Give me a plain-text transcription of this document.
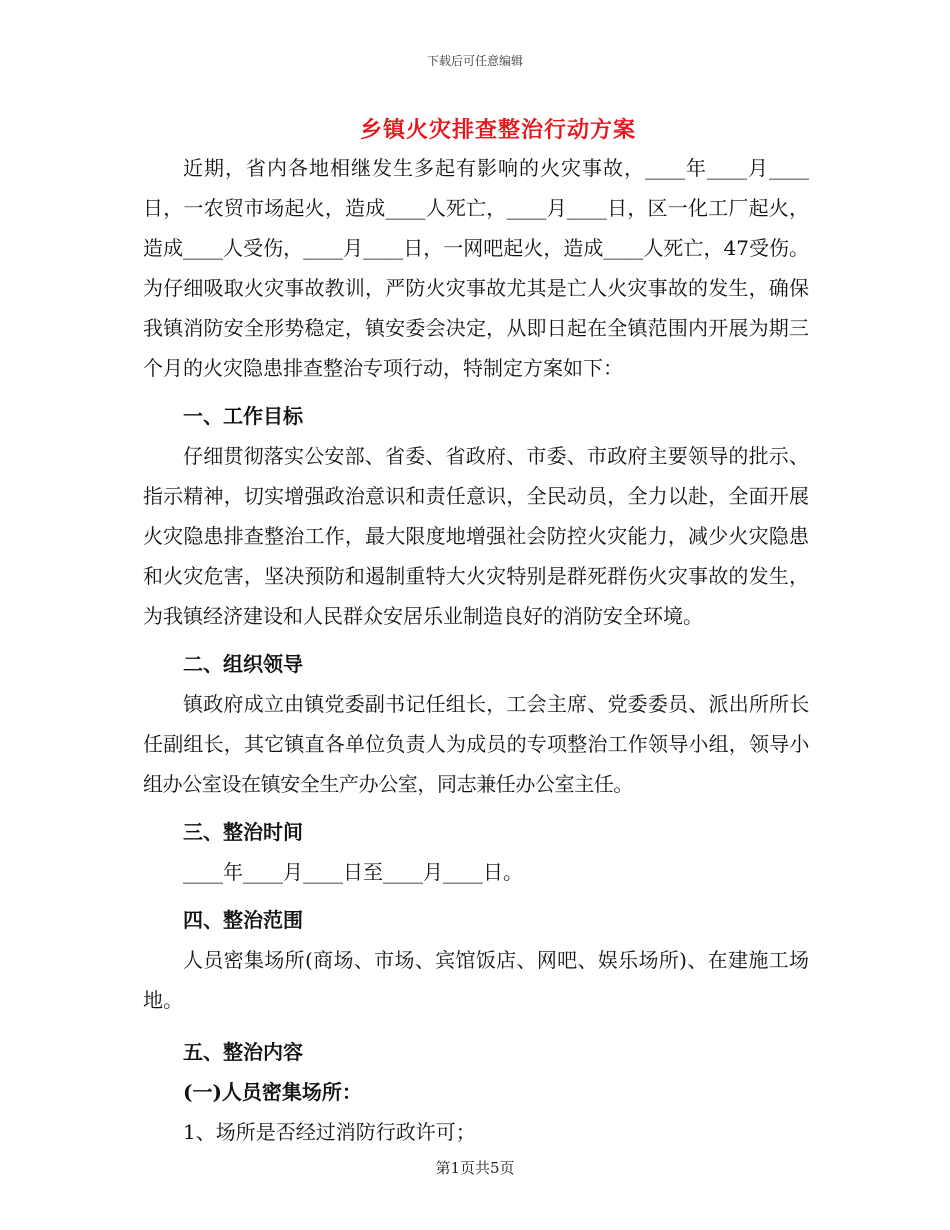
下载后可任意编辑
乡镇火灾排查整治行动方案

近期，省内各地相继发生多起有影响的火灾事故，____年____月____日，一农贸市场起火，造成____人死亡，____月____日，区一化工厂起火，造成____人受伤，____月____日，一网吧起火，造成____人死亡，47受伤。为仔细吸取火灾事故教训，严防火灾事故尤其是亡人火灾事故的发生，确保我镇消防安全形势稳定，镇安委会决定，从即日起在全镇范围内开展为期三个月的火灾隐患排查整治专项行动，特制定方案如下：

一、工作目标

仔细贯彻落实公安部、省委、省政府、市委、市政府主要领导的批示、指示精神，切实增强政治意识和责任意识，全民动员，全力以赴，全面开展火灾隐患排查整治工作，最大限度地增强社会防控火灾能力，减少火灾隐患和火灾危害，坚决预防和遏制重特大火灾特别是群死群伤火灾事故的发生，为我镇经济建设和人民群众安居乐业制造良好的消防安全环境。

二、组织领导

镇政府成立由镇党委副书记任组长，工会主席、党委委员、派出所所长任副组长，其它镇直各单位负责人为成员的专项整治工作领导小组，领导小组办公室设在镇安全生产办公室，同志兼任办公室主任。

三、整治时间

____年____月____日至____月____日。

四、整治范围

人员密集场所(商场、市场、宾馆饭店、网吧、娱乐场所)、在建施工场地。

五、整治内容

(一)人员密集场所：

1、场所是否经过消防行政许可；

第1页共5页
